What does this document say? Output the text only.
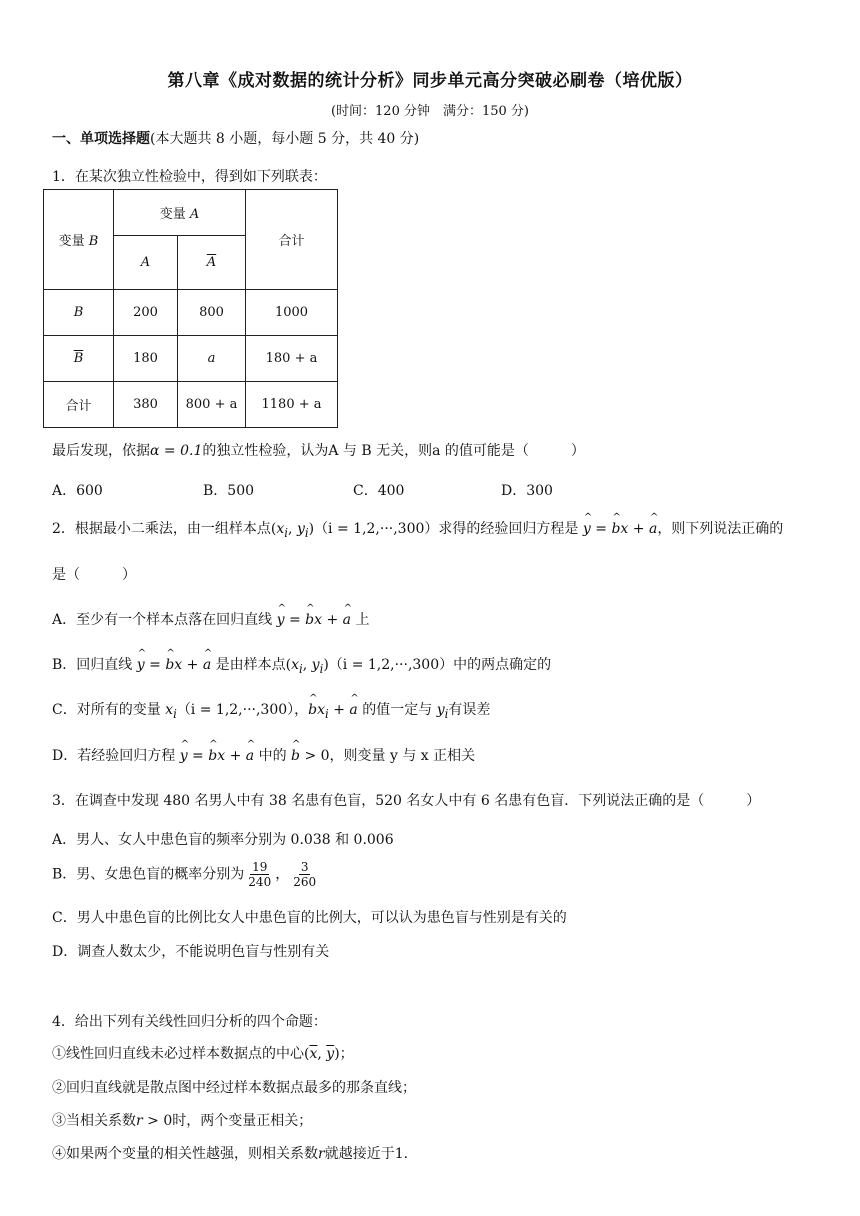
第八章《成对数据的统计分析》同步单元高分突破必刷卷（培优版）
(时间：120 分钟　满分：150 分)
一、单项选择题(本大题共 8 小题，每小题 5 分，共 40 分)
1．在某次独立性检验中，得到如下列联表：
变量 B	变量 A		合计
	A	$\overline{A}$
B	200	800	1000
$\overline{B}$	180	a	180 + a
合计	380	800 + a	1180 + a
最后发现，依据α = 0.1的独立性检验，认为A 与 B 无关，则a 的值可能是（　　　）
A．600	B．500	C．400	D．300
2．根据最小二乘法，由一组样本点($x_i$, $y_i)(i = 1,2,\cdot\cdot\cdot,300)$求得的经验回归方程是 ^ y = ^ bx + ^ a，则下列说法正确的
是（　　　）
A．至少有一个样本点落在回归直线 ^ y = ^ bx + ^ a 上
B．回归直线 ^ y = ^ bx + ^ a 是由样本点($x_i$, $y_i)(i = 1,2,\cdot\cdot\cdot,300)$中的两点确定的
C．对所有的变量 $x_i(i = 1,2,\cdot\cdot\cdot,300)$，^ $bx_i$ + ^ a 的值一定与 $y_i$有误差
D．若经验回归方程 ^ y = ^ bx + ^ a 中的 ^ b > 0，则变量 y 与 x 正相关
3．在调查中发现 480 名男人中有 38 名患有色盲，520 名女人中有 6 名患有色盲．下列说法正确的是（　　　）
A．男人、女人中患色盲的频率分别为 0.038 和 0.006
B．男、女患色盲的概率分别为 $\frac{19}{240}$ ， $\frac{3}{260}$
C．男人中患色盲的比例比女人中患色盲的比例大，可以认为患色盲与性别是有关的
D．调查人数太少，不能说明色盲与性别有关
4．给出下列有关线性回归分析的四个命题：
①线性回归直线未必过样本数据点的中心($\overline{x}$, $\overline{y}$)；
②回归直线就是散点图中经过样本数据点最多的那条直线；
③当相关系数r > 0时，两个变量正相关；
④如果两个变量的相关性越强，则相关系数r就越接近于1.
